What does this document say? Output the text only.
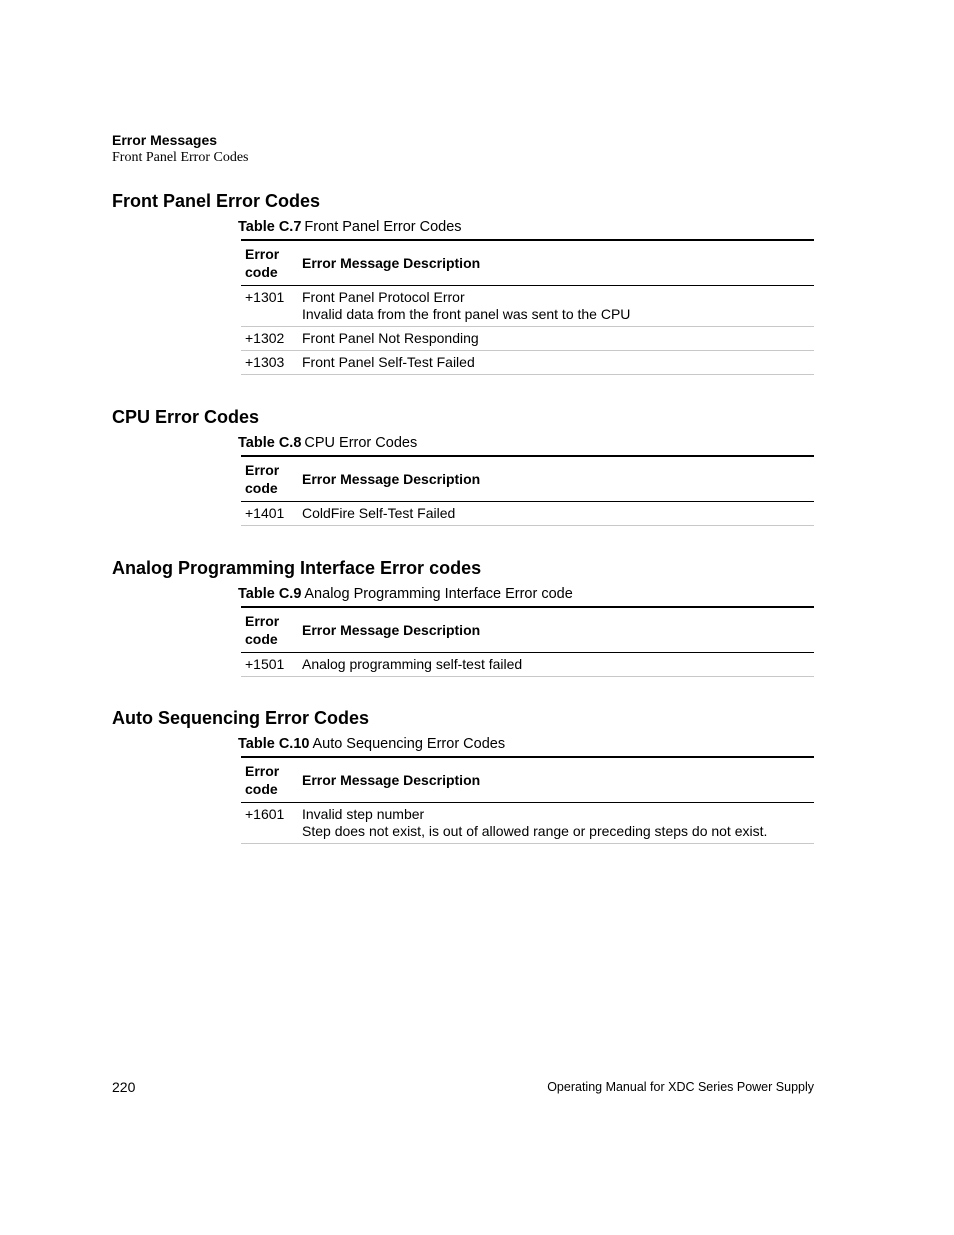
Error Messages
Front Panel Error Codes
Front Panel Error Codes
Table C.7 Front Panel Error Codes
Error code	Error Message Description
+1301	Front Panel Protocol Error
Invalid data from the front panel was sent to the CPU

+1302	Front Panel Not Responding

+1303	Front Panel Self-Test Failed
CPU Error Codes
Table C.8 CPU Error Codes
Error code	Error Message Description
+1401	ColdFire Self-Test Failed
Analog Programming Interface Error codes
Table C.9 Analog Programming Interface Error code
Error code	Error Message Description
+1501	Analog programming self-test failed
Auto Sequencing Error Codes
Table C.10 Auto Sequencing Error Codes
Error code	Error Message Description
+1601	Invalid step number
Step does not exist, is out of allowed range or preceding steps do not exist.
220	Operating Manual for XDC Series Power Supply
